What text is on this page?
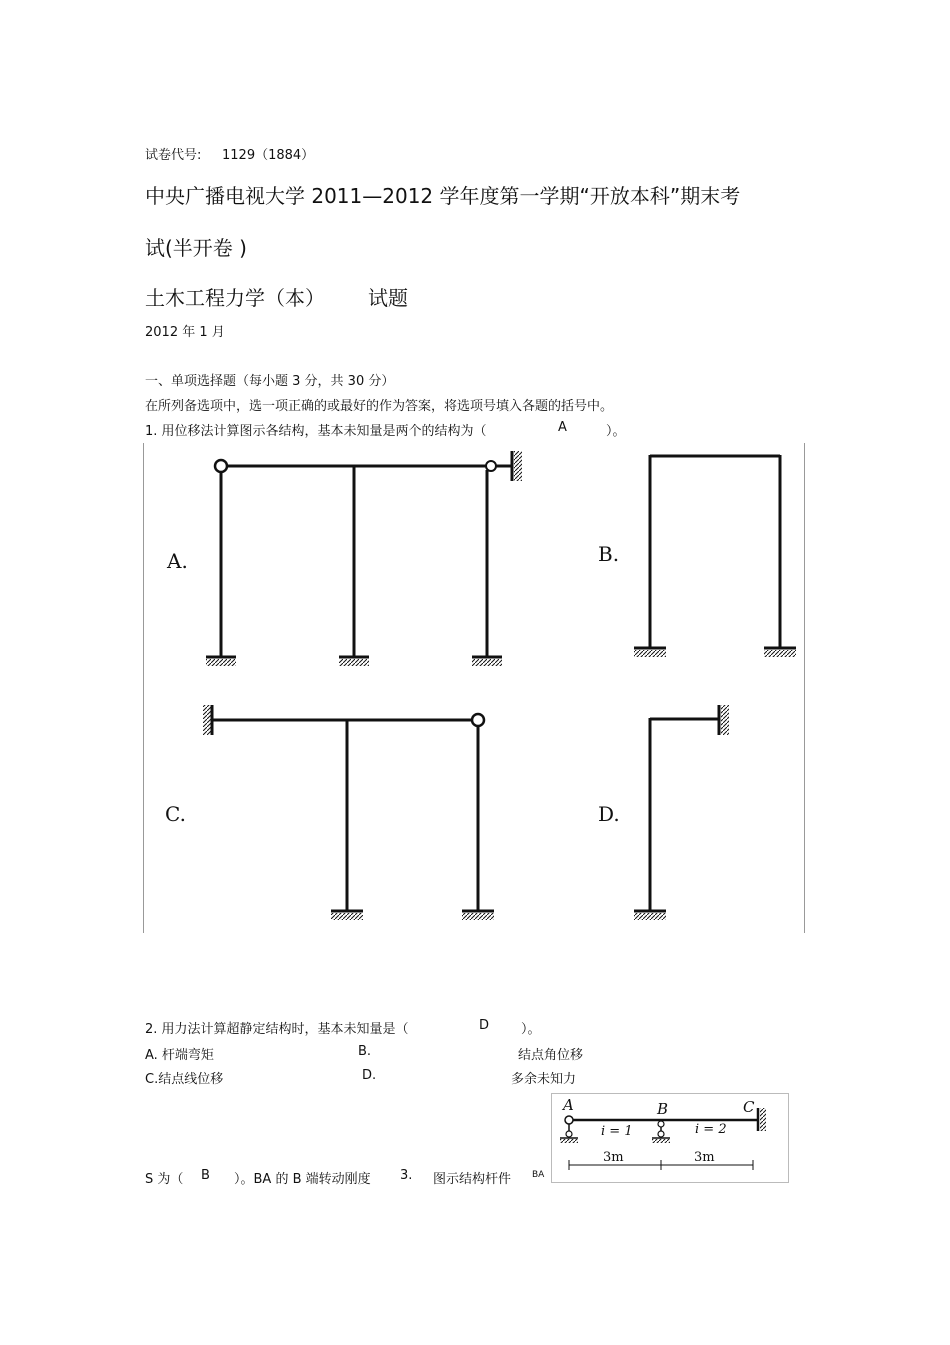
试卷代号: 1129（1884）
中央广播电视大学 2011—2012 学年度第一学期“开放本科”期末考
试(半开卷 )
土木工程力学（本） 试题
2012 年 1 月
一、单项选择题（每小题 3 分，共 30 分）
在所列备选项中，选一项正确的或最好的作为答案，将选项号填入各题的括号中。
1. 用位移法计算图示各结构，基本未知量是两个的结构为（	A	）。
A.	B.
C.	D.
2. 用力法计算超静定结构时，基本未知量是（	D ）。
A. 杆端弯矩	B.	结点角位移
C.结点线位移	D.	多余未知力
A	B	C
i = 1	i = 2
3m	3m
S 为（ B ）。BA 的 B 端转动刚度 3. 图示结构杆件 BA
